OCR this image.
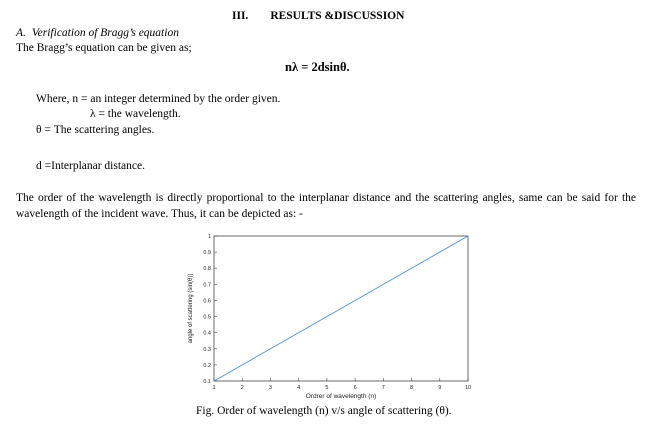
III. RESULTS &DISCUSSION
A. Verification of Bragg’s equation
The Bragg’s equation can be given as;
nλ = 2dsinθ.
Where, n = an integer determined by the order given.
λ = the wavelength.
θ = The scattering angles.
d =Interplanar distance.
The order of the wavelength is directly proportional to the interplanar distance and the scattering angles, same can be said for the wavelength of the incident wave. Thus, it can be depicted as: -
1	2	3	4	5	6	7	8	9	10
0.1
0.2
0.3
0.4
0.5
0.6
0.7
0.8
0.9
1
Ordrer of wavelength (n)
angle of scattering (sin(θ))
Fig. Order of wavelength (n) v/s angle of scattering (θ).
